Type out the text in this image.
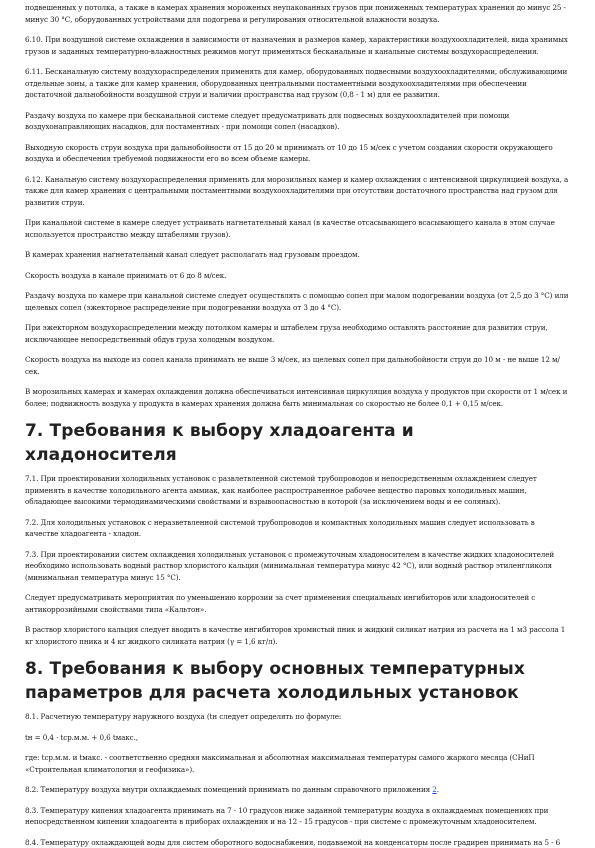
подвешенных у потолка, а также в камерах хранения мороженых неупакованных грузов при пониженных температурах хранения до минус 25 - минус 30 °С, оборудованных устройствами для подогрева и регулирования относительной влажности воздуха.

6.10. При воздушной системе охлаждения в зависимости от назначения и размеров камер, характеристики воздухоохладителей, вида хранимых грузов и заданных температурно-влажностных режимов могут применяться бесканальные и канальные системы воздухораспределения.

6.11. Бесканальную систему воздухораспределения применять для камер, оборудованных подвесными воздухоохладителями, обслуживающими отдельные зоны, а также для камер хранения, оборудованных центральными постаментными воздухоохладителями при обеспечении достаточной дальнобойности воздушной струи и наличии пространства над грузом (0,8 - 1 м) для ее развития.

Раздачу воздуха по камере при бесканальной системе следует предусматривать для подвесных воздухоохладителей при помощи воздухонаправляющих насадков, для постаментных - при помощи сопел (насадков).

Выходную скорость струи воздуха при дальнобойности от 15 до 20 м принимать от 10 до 15 м/сек с учетом создания скорости окружающего воздуха и обеспечения требуемой подвижности его во всем объеме камеры.

6.12. Канальную систему воздухораспределения применять для морозильных камер и камер охлаждения с интенсивной циркуляцией воздуха, а также для камер хранения с центральными постаментными воздухоохладителями при отсутствии достаточного пространства над грузом для развития струи.

При канальной системе в камере следует устраивать нагнетательный канал (в качестве отсасывающего всасывающего канала в этом случае используется пространство между штабелями грузов).

В камерах хранения нагнетательный канал следует располагать над грузовым проездом.

Скорость воздуха в канале принимать от 6 до 8 м/сек.

Раздачу воздуха по камере при канальной системе следует осуществлять с помощью сопел при малом подогревании воздуха (от 2,5 до 3 °С) или щелевых сопел (эжекторное распределение при подогревании воздуха от 3 до 4 °С).

При эжекторном воздухораспределении между потолком камеры и штабелем груза необходимо оставлять расстояние для развития струи, исключающее непосредственный обдув груза холодным воздухом.

Скорость воздуха на выходе из сопел канала принимать не выше 3 м/сек, из щелевых сопел при дальнобойности струи до 10 м - не выше 12 м/сек.

В морозильных камерах и камерах охлаждения должна обеспечиваться интенсивная циркуляция воздуха у продуктов при скорости от 1 м/сек и более; подвижность воздуха у продукта в камерах хранения должна быть минимальная со скоростью не более 0,1 + 0,15 м/сек.

7. Требования к выбору хладоагента и хладоносителя

7.1. При проектировании холодильных установок с развлетвленной системой трубопроводов и непосредственным охлаждением следует применять в качестве холодильного агента аммиак, как наиболее распространенное рабочее вещество паровых холодильных машин, обладающее высокими термодинамическими свойствами и взрывоопасностью в которой (за исключением воды и ее соляных).

7.2. Для холодильных установок с неразветвленной системой трубопроводов и компактных холодильных машин следует использовать в качестве хладоагента - хладон.

7.3. При проектировании систем охлаждения холодильных установок с промежуточным хладоносителем в качестве жидких хладоносителей необходимо использовать водный раствор хлористого кальция (минимальная температура минус 42 °С), или водный раствор этиленгликоля (минимальная температура минус 15 °С).

Следует предусматривать мероприятия по уменьшению коррозии за счет применения специальных ингибиторов или хладоносителей с антикоррозийными свойствами типа «Кальтон».

В раствор хлористого кальция следует вводить в качестве ингибиторов хромистый пник и жидкий силикат натрия из расчета на 1 м3 рассола 1 кг хлористого пника и 4 кг жидкого силиката натрия (γ = 1,6 кг/л).

8. Требования к выбору основных температурных параметров для расчета холодильных установок

8.1. Расчетную температуру наружного воздуха (tн следует определять по формуле:

tн = 0,4 · tср.м.м. + 0,6 tмакс.,

где: tср.м.м. и tмакс. - соответственно средняя максимальная и абсолютная максимальная температуры самого жаркого месяца (СНиП «Строительная климатология и геофизика»).

8.2. Температуру воздуха внутри охлаждаемых помещений принимать по данным справочного приложения 2.

8.3. Температуру кипения хладоагента принимать на 7 - 10 градусов ниже заданной температуры воздуха в охлаждаемых помещениях при непосредственном кипении хладоагента в приборах охлаждения и на 12 - 15 градусов - при системе с промежуточным хладоносителем.

8.4. Температуру охлаждающей воды для систем оборотного водоснабжения, подаваемой на конденсаторы после градирен принимать на 5 - 6
